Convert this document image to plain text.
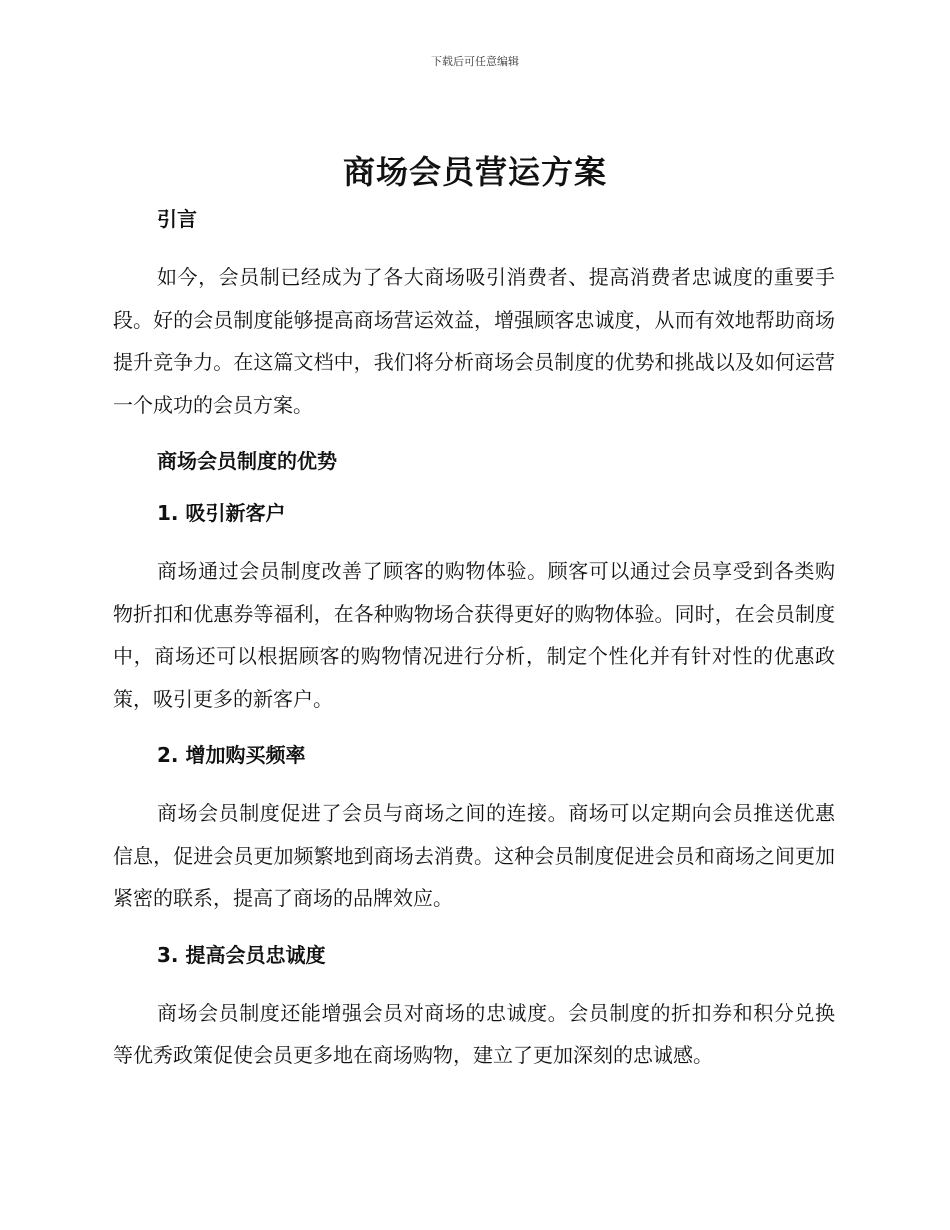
下载后可任意编辑
商场会员营运方案
引言

如今，会员制已经成为了各大商场吸引消费者、提高消费者忠诚度的重要手段。好的会员制度能够提高商场营运效益，增强顾客忠诚度，从而有效地帮助商场提升竞争力。在这篇文档中，我们将分析商场会员制度的优势和挑战以及如何运营一个成功的会员方案。

商场会员制度的优势
1. 吸引新客户

商场通过会员制度改善了顾客的购物体验。顾客可以通过会员享受到各类购物折扣和优惠券等福利，在各种购物场合获得更好的购物体验。同时，在会员制度中，商场还可以根据顾客的购物情况进行分析，制定个性化并有针对性的优惠政策，吸引更多的新客户。

2. 增加购买频率

商场会员制度促进了会员与商场之间的连接。商场可以定期向会员推送优惠信息，促进会员更加频繁地到商场去消费。这种会员制度促进会员和商场之间更加紧密的联系，提高了商场的品牌效应。

3. 提高会员忠诚度

商场会员制度还能增强会员对商场的忠诚度。会员制度的折扣券和积分兑换等优秀政策促使会员更多地在商场购物，建立了更加深刻的忠诚感。
